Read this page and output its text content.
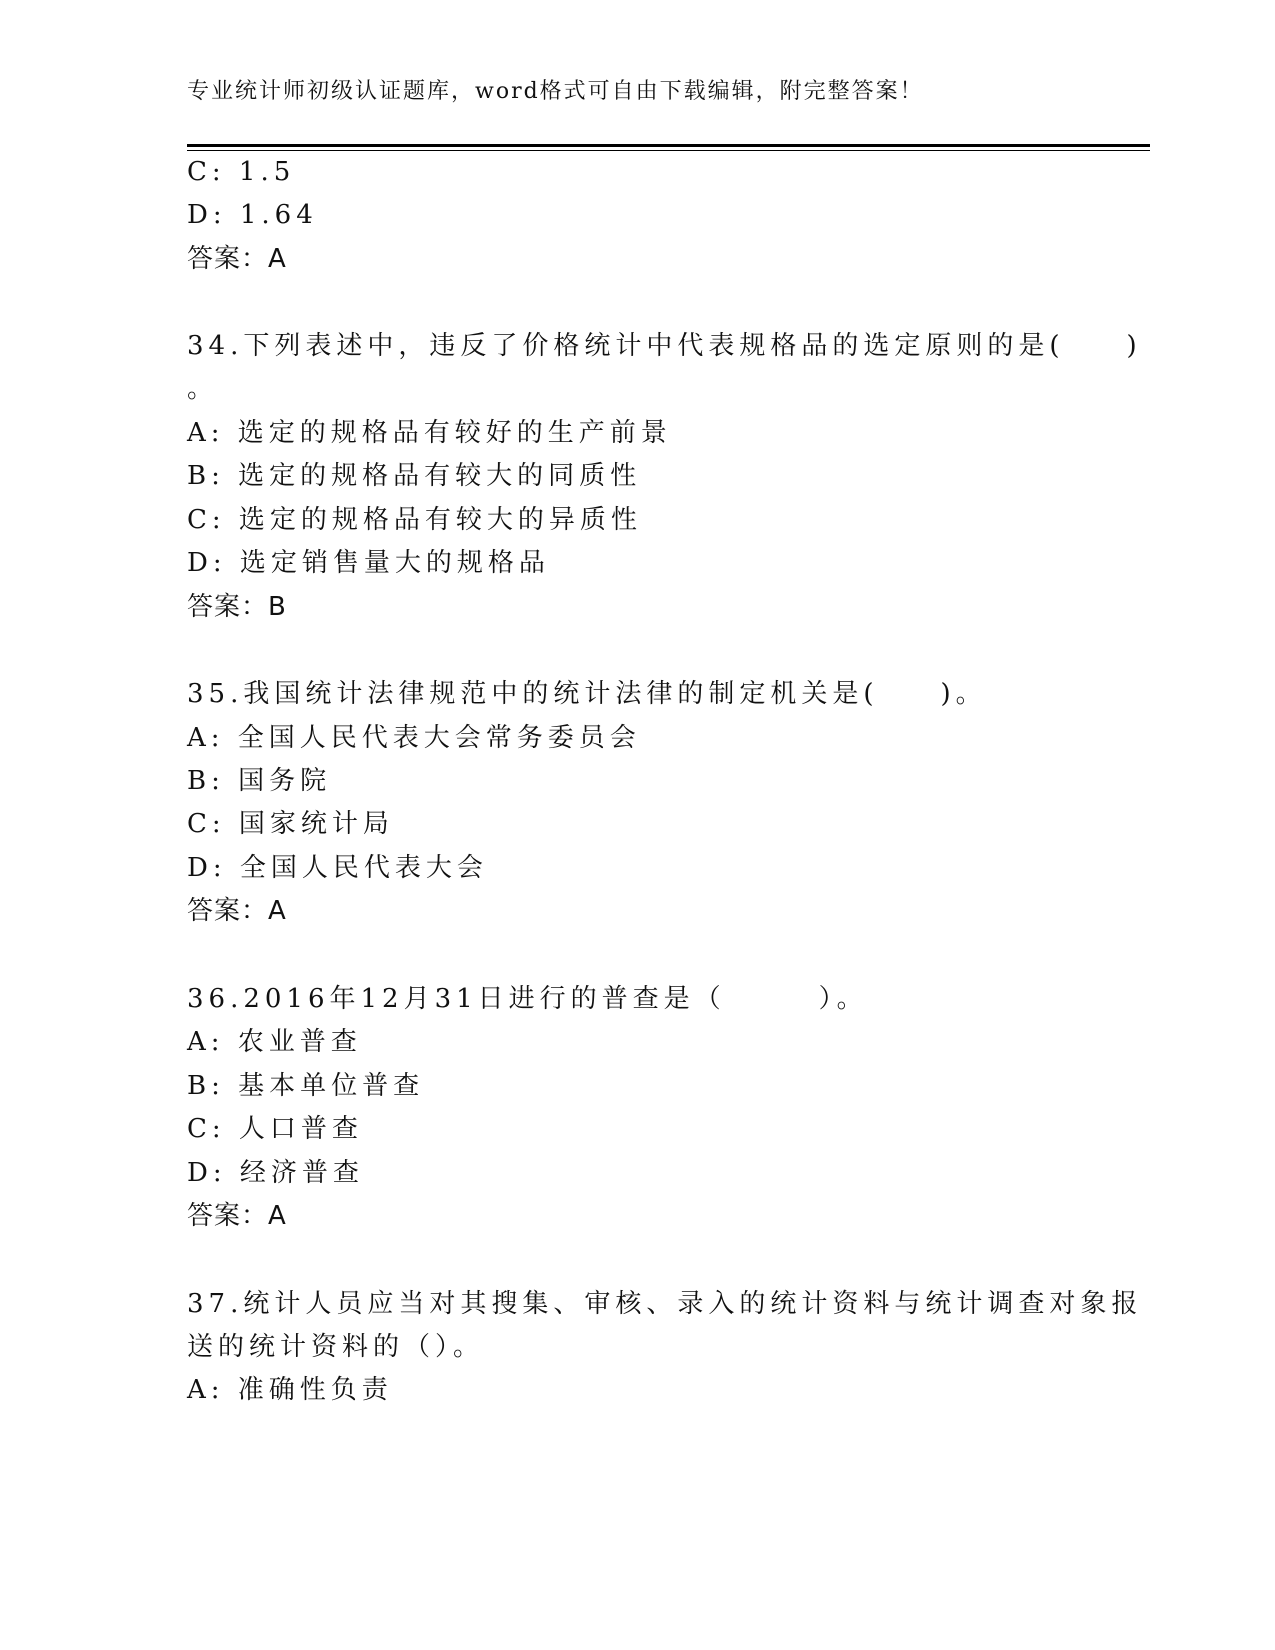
专业统计师初级认证题库，word格式可自由下载编辑，附完整答案！
C: 1.5
D: 1.64
答案：A
34.下列表述中，违反了价格统计中代表规格品的选定原则的是(　　)
。
A: 选定的规格品有较好的生产前景
B: 选定的规格品有较大的同质性
C: 选定的规格品有较大的异质性
D: 选定销售量大的规格品
答案：B
35.我国统计法律规范中的统计法律的制定机关是(　　)。
A: 全国人民代表大会常务委员会
B: 国务院
C: 国家统计局
D: 全国人民代表大会
答案：A
36.2016年12月31日进行的普查是（　　　）。
A: 农业普查
B: 基本单位普查
C: 人口普查
D: 经济普查
答案：A
37.统计人员应当对其搜集、审核、录入的统计资料与统计调查对象报
送的统计资料的（）。
A: 准确性负责
